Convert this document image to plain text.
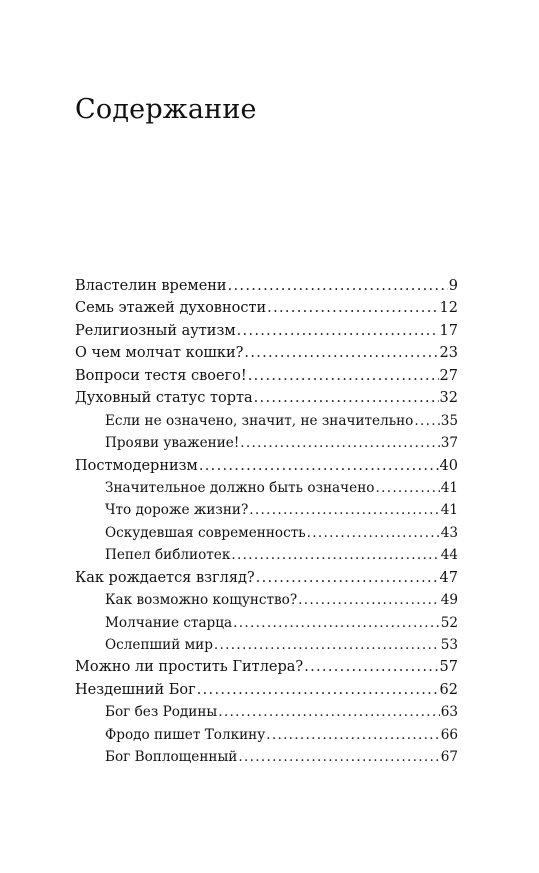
Содержание
Властелин времени .....	9
Семь этажей духовности .....	12
Религиозный аутизм .....	17
О чем молчат кошки? .....	23
Вопроси тестя своего! .....	27
Духовный статус торта .....	32
Если не означено, значит, не значительно ..... 35
Прояви уважение! .....	37
Постмодернизм .....	40
Значительное должно быть означено .....	41
Что дороже жизни? .....	41
Оскудевшая современность .....	43
Пепел библиотек .....	44
Как рождается взгляд? .....	47
Как возможно кощунство? .....	49
Молчание старца .....	52
Ослепший мир .....	53
Можно ли простить Гитлера? .....	57
Нездешний Бог .....	62
Бог без Родины .....	63
Фродо пишет Толкину .....	66
Бог Воплощенный .....	67
